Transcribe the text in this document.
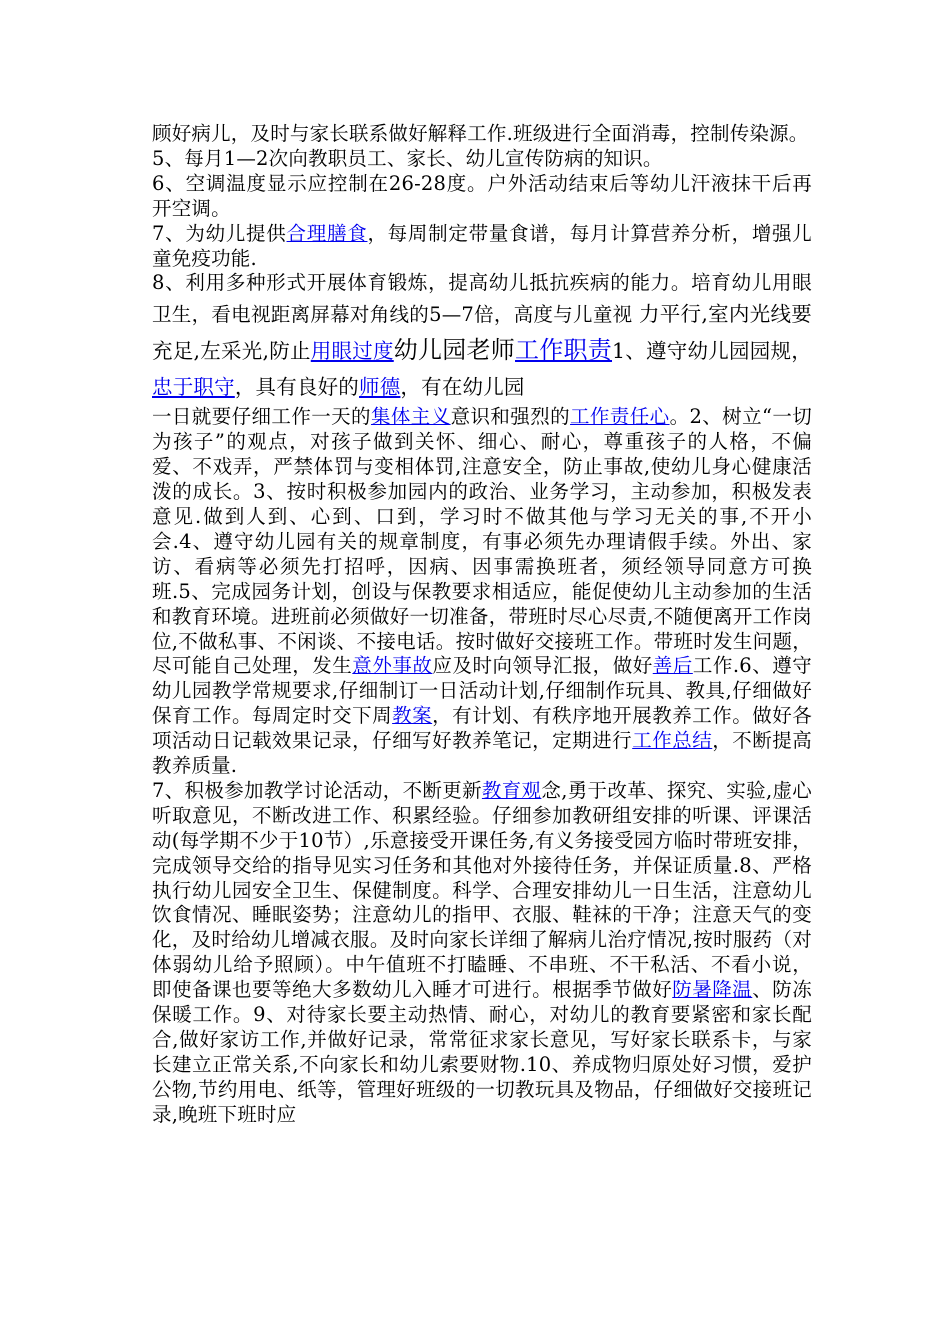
顾好病儿，及时与家长联系做好解释工作.班级进行全面消毒，控制传染源。

5、每月1—2次向教职员工、家长、幼儿宣传防病的知识。

6、空调温度显示应控制在26-28度。户外活动结束后等幼儿汗液抹干后再开空调。

7、为幼儿提供合理膳食，每周制定带量食谱，每月计算营养分析，增强儿童免疫功能.

8、利用多种形式开展体育锻炼，提高幼儿抵抗疾病的能力。培育幼儿用眼卫生，看电视距离屏幕对角线的5—7倍，高度与儿童视 力平行,室内光线要充足,左采光,防止用眼过度幼儿园老师工作职责1、遵守幼儿园园规，忠于职守，具有良好的师德，有在幼儿园

一日就要仔细工作一天的集体主义意识和强烈的工作责任心。2、树立“一切为孩子”的观点，对孩子做到关怀、细心、耐心，尊重孩子的人格，不偏爱、不戏弄，严禁体罚与变相体罚,注意安全，防止事故,使幼儿身心健康活泼的成长。3、按时积极参加园内的政治、业务学习，主动参加，积极发表意见.做到人到、心到、口到，学习时不做其他与学习无关的事,不开小会.4、遵守幼儿园有关的规章制度，有事必须先办理请假手续。外出、家访、看病等必须先打招呼，因病、因事需换班者，须经领导同意方可换班.5、完成园务计划，创设与保教要求相适应，能促使幼儿主动参加的生活和教育环境。进班前必须做好一切准备，带班时尽心尽责,不随便离开工作岗位,不做私事、不闲谈、不接电话。按时做好交接班工作。带班时发生问题，尽可能自己处理，发生意外事故应及时向领导汇报，做好善后工作.6、遵守幼儿园教学常规要求,仔细制订一日活动计划,仔细制作玩具、教具,仔细做好保育工作。每周定时交下周教案，有计划、有秩序地开展教养工作。做好各项活动日记载效果记录，仔细写好教养笔记，定期进行工作总结，不断提高教养质量.

7、积极参加教学讨论活动，不断更新教育观念,勇于改革、探究、实验,虚心听取意见，不断改进工作、积累经验。仔细参加教研组安排的听课、评课活动(每学期不少于10节）,乐意接受开课任务,有义务接受园方临时带班安排，完成领导交给的指导见实习任务和其他对外接待任务，并保证质量.8、严格执行幼儿园安全卫生、保健制度。科学、合理安排幼儿一日生活，注意幼儿饮食情况、睡眠姿势；注意幼儿的指甲、衣服、鞋袜的干净；注意天气的变化，及时给幼儿增减衣服。及时向家长详细了解病儿治疗情况,按时服药（对体弱幼儿给予照顾）。中午值班不打瞌睡、不串班、不干私活、不看小说，即使备课也要等绝大多数幼儿入睡才可进行。根据季节做好防暑降温、防冻保暖工作。9、对待家长要主动热情、耐心，对幼儿的教育要紧密和家长配合,做好家访工作,并做好记录，常常征求家长意见，写好家长联系卡，与家长建立正常关系,不向家长和幼儿索要财物.10、养成物归原处好习惯，爱护公物,节约用电、纸等，管理好班级的一切教玩具及物品，仔细做好交接班记录,晚班下班时应
